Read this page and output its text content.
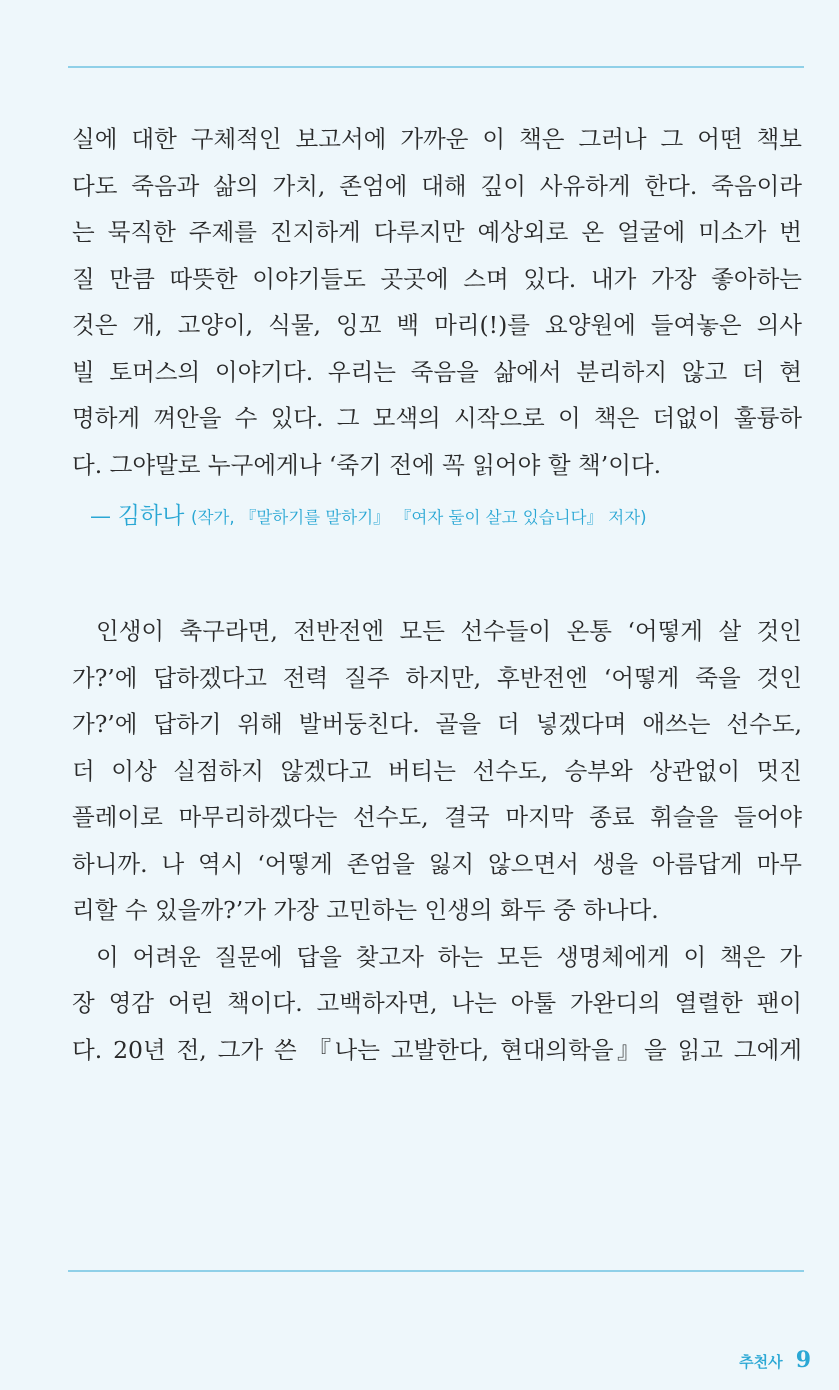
실에 대한 구체적인 보고서에 가까운 이 책은 그러나 그 어떤 책보
다도 죽음과 삶의 가치, 존엄에 대해 깊이 사유하게 한다. 죽음이라
는 묵직한 주제를 진지하게 다루지만 예상외로 온 얼굴에 미소가 번
질 만큼 따뜻한 이야기들도 곳곳에 스며 있다. 내가 가장 좋아하는
것은 개, 고양이, 식물, 잉꼬 백 마리(!)를 요양원에 들여놓은 의사
빌 토머스의 이야기다. 우리는 죽음을 삶에서 분리하지 않고 더 현
명하게 껴안을 수 있다. 그 모색의 시작으로 이 책은 더없이 훌륭하
다. 그야말로 누구에게나 ‘죽기 전에 꼭 읽어야 할 책’이다.

— 김하나 (작가, 『말하기를 말하기』 『여자 둘이 살고 있습니다』 저자)

인생이 축구라면, 전반전엔 모든 선수들이 온통 ‘어떻게 살 것인
가?’에 답하겠다고 전력 질주 하지만, 후반전엔 ‘어떻게 죽을 것인
가?’에 답하기 위해 발버둥친다. 골을 더 넣겠다며 애쓰는 선수도,
더 이상 실점하지 않겠다고 버티는 선수도, 승부와 상관없이 멋진
플레이로 마무리하겠다는 선수도, 결국 마지막 종료 휘슬을 들어야
하니까. 나 역시 ‘어떻게 존엄을 잃지 않으면서 생을 아름답게 마무
리할 수 있을까?’가 가장 고민하는 인생의 화두 중 하나다.

이 어려운 질문에 답을 찾고자 하는 모든 생명체에게 이 책은 가
장 영감 어린 책이다. 고백하자면, 나는 아툴 가완디의 열렬한 팬이
다. 20년 전, 그가 쓴 『나는 고발한다, 현대의학을』을 읽고 그에게

추천사 9
